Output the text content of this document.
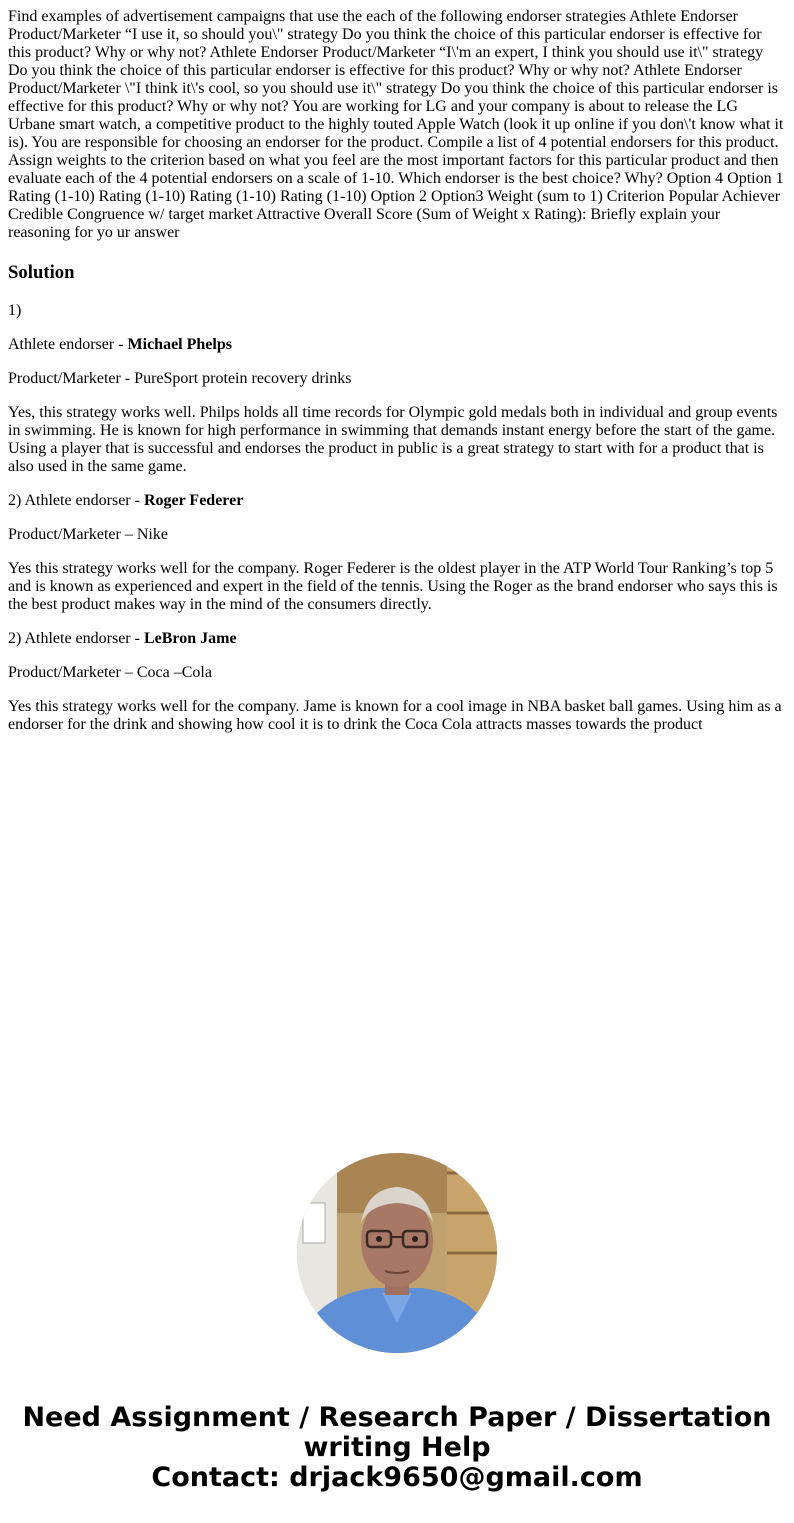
Find examples of advertisement campaigns that use the each of the following endorser strategies Athlete Endorser Product/Marketer “I use it, so should you\" strategy Do you think the choice of this particular endorser is effective for this product? Why or why not? Athlete Endorser Product/Marketer “I\'m an expert, I think you should use it\" strategy Do you think the choice of this particular endorser is effective for this product? Why or why not? Athlete Endorser Product/Marketer \"I think it\'s cool, so you should use it\" strategy Do you think the choice of this particular endorser is effective for this product? Why or why not? You are working for LG and your company is about to release the LG Urbane smart watch, a competitive product to the highly touted Apple Watch (look it up online if you don\'t know what it is). You are responsible for choosing an endorser for the product. Compile a list of 4 potential endorsers for this product. Assign weights to the criterion based on what you feel are the most important factors for this particular product and then evaluate each of the 4 potential endorsers on a scale of 1-10. Which endorser is the best choice? Why? Option 4 Option 1 Rating (1-10) Rating (1-10) Rating (1-10) Rating (1-10) Option 2 Option3 Weight (sum to 1) Criterion Popular Achiever Credible Congruence w/ target market Attractive Overall Score (Sum of Weight x Rating): Briefly explain your reasoning for yo ur answer
Solution

1)

Athlete endorser - Michael Phelps

Product/Marketer - PureSport protein recovery drinks

Yes, this strategy works well. Philps holds all time records for Olympic gold medals both in individual and group events in swimming. He is known for high performance in swimming that demands instant energy before the start of the game. Using a player that is successful and endorses the product in public is a great strategy to start with for a product that is also used in the same game.

2) Athlete endorser - Roger Federer

Product/Marketer – Nike

Yes this strategy works well for the company. Roger Federer is the oldest player in the ATP World Tour Ranking’s top 5 and is known as experienced and expert in the field of the tennis. Using the Roger as the brand endorser who says this is the best product makes way in the mind of the consumers directly.

2) Athlete endorser - LeBron Jame

Product/Marketer – Coca –Cola

Yes this strategy works well for the company. Jame is known for a cool image in NBA basket ball games. Using him as a endorser for the drink and showing how cool it is to drink the Coca Cola attracts masses towards the product

Need Assignment / Research Paper / Dissertation
writing Help
Contact: drjack9650@gmail.com
